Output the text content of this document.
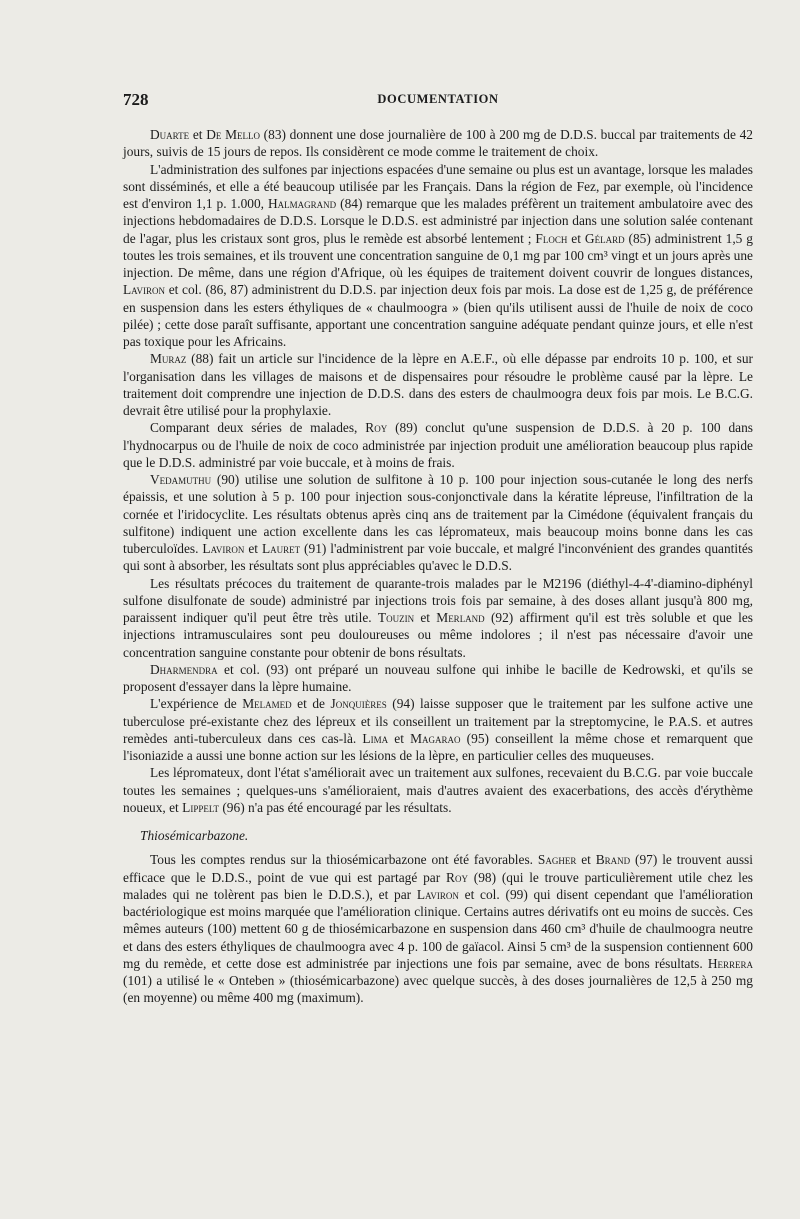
728	DOCUMENTATION

Duarte et De Mello (83) donnent une dose journalière de 100 à 200 mg de D.D.S. buccal par traitements de 42 jours, suivis de 15 jours de repos. Ils considèrent ce mode comme le traitement de choix.

L'administration des sulfones par injections espacées d'une semaine ou plus est un avantage, lorsque les malades sont disséminés, et elle a été beaucoup utilisée par les Français. Dans la région de Fez, par exemple, où l'incidence est d'environ 1,1 p. 1.000, Halmagrand (84) remarque que les malades préfèrent un traitement ambulatoire avec des injections hebdomadaires de D.D.S. Lorsque le D.D.S. est administré par injection dans une solution salée contenant de l'agar, plus les cristaux sont gros, plus le remède est absorbé lentement ; Floch et Gélard (85) administrent 1,5 g toutes les trois semaines, et ils trouvent une concentration sanguine de 0,1 mg par 100 cm³ vingt et un jours après une injection. De même, dans une région d'Afrique, où les équipes de traitement doivent couvrir de longues distances, Laviron et col. (86, 87) administrent du D.D.S. par injection deux fois par mois. La dose est de 1,25 g, de préférence en suspension dans les esters éthyliques de « chaulmoogra » (bien qu'ils utilisent aussi de l'huile de noix de coco pilée) ; cette dose paraît suffisante, apportant une concentration sanguine adéquate pendant quinze jours, et elle n'est pas toxique pour les Africains.

Muraz (88) fait un article sur l'incidence de la lèpre en A.E.F., où elle dépasse par endroits 10 p. 100, et sur l'organisation dans les villages de maisons et de dispensaires pour résoudre le problème causé par la lèpre. Le traitement doit comprendre une injection de D.D.S. dans des esters de chaulmoogra deux fois par mois. Le B.C.G. devrait être utilisé pour la prophylaxie.

Comparant deux séries de malades, Roy (89) conclut qu'une suspension de D.D.S. à 20 p. 100 dans l'hydnocarpus ou de l'huile de noix de coco administrée par injection produit une amélioration beaucoup plus rapide que le D.D.S. administré par voie buccale, et à moins de frais.

Vedamuthu (90) utilise une solution de sulfitone à 10 p. 100 pour injection sous-cutanée le long des nerfs épaissis, et une solution à 5 p. 100 pour injection sous-conjonctivale dans la kératite lépreuse, l'infiltration de la cornée et l'iridocyclite. Les résultats obtenus après cinq ans de traitement par la Cimédone (équivalent français du sulfitone) indiquent une action excellente dans les cas lépromateux, mais beaucoup moins bonne dans les cas tuberculoïdes. Laviron et Lauret (91) l'administrent par voie buccale, et malgré l'inconvénient des grandes quantités qui sont à absorber, les résultats sont plus appréciables qu'avec le D.D.S.

Les résultats précoces du traitement de quarante-trois malades par le M2196 (diéthyl-4-4'-diamino-diphényl sulfone disulfonate de soude) administré par injections trois fois par semaine, à des doses allant jusqu'à 800 mg, paraissent indiquer qu'il peut être très utile. Touzin et Merland (92) affirment qu'il est très soluble et que les injections intramusculaires sont peu douloureuses ou même indolores ; il n'est pas nécessaire d'avoir une concentration sanguine constante pour obtenir de bons résultats.

Dharmendra et col. (93) ont préparé un nouveau sulfone qui inhibe le bacille de Kedrowski, et qu'ils se proposent d'essayer dans la lèpre humaine.

L'expérience de Melamed et de Jonquières (94) laisse supposer que le traitement par les sulfone active une tuberculose pré-existante chez des lépreux et ils conseillent un traitement par la streptomycine, le P.A.S. et autres remèdes anti-tuberculeux dans ces cas-là. Lima et Magarao (95) conseillent la même chose et remarquent que l'isoniazide a aussi une bonne action sur les lésions de la lèpre, en particulier celles des muqueuses.

Les lépromateux, dont l'état s'améliorait avec un traitement aux sulfones, recevaient du B.C.G. par voie buccale toutes les semaines ; quelques-uns s'amélioraient, mais d'autres avaient des exacerbations, des accès d'érythème noueux, et Lippelt (96) n'a pas été encouragé par les résultats.

Thiosémicarbazone.

Tous les comptes rendus sur la thiosémicarbazone ont été favorables. Sagher et Brand (97) le trouvent aussi efficace que le D.D.S., point de vue qui est partagé par Roy (98) (qui le trouve particulièrement utile chez les malades qui ne tolèrent pas bien le D.D.S.), et par Laviron et col. (99) qui disent cependant que l'amélioration bactériologique est moins marquée que l'amélioration clinique. Certains autres dérivatifs ont eu moins de succès. Ces mêmes auteurs (100) mettent 60 g de thiosémicarbazone en suspension dans 460 cm³ d'huile de chaulmoogra neutre et dans des esters éthyliques de chaulmoogra avec 4 p. 100 de gaïacol. Ainsi 5 cm³ de la suspension contiennent 600 mg du remède, et cette dose est administrée par injections une fois par semaine, avec de bons résultats. Herrera (101) a utilisé le « Onteben » (thiosémicarbazone) avec quelque succès, à des doses journalières de 12,5 à 250 mg (en moyenne) ou même 400 mg (maximum).
